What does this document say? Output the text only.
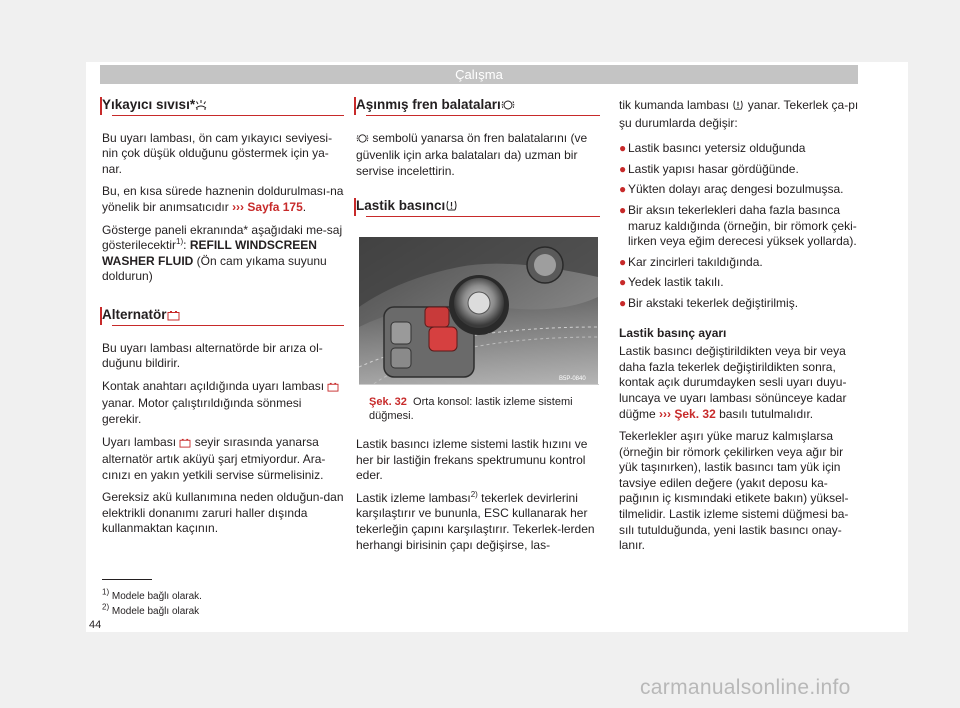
Çalışma
Yıkayıcı sıvısı*

Bu uyarı lambası, ön cam yıkayıcı seviyesi-nin çok düşük olduğunu göstermek için ya-nar.

Bu, en kısa sürede haznenin doldurulması-na yönelik bir anımsatıcıdır ››› Sayfa 175.

Gösterge paneli ekranında* aşağıdaki me-saj gösterilecektir$^{1)}$: REFILL WINDSCREEN WASHER FLUID (Ön cam yıkama suyunu doldurun)

Alternatör

Bu uyarı lambası alternatörde bir arıza ol-duğunu bildirir.

Kontak anahtarı açıldığında uyarı lambası  yanar. Motor çalıştırıldığında sönmesi gerekir.

Uyarı lambası  seyir sırasında yanarsa alternatör artık aküyü şarj etmiyordur. Ara-cınızı en yakın yetkili servise sürmelisiniz.

Gereksiz akü kullanımına neden olduğun-dan elektrikli donanımı zaruri haller dışında kullanmaktan kaçının.

Aşınmış fren balataları

sembolü yanarsa ön fren balatalarını (ve güvenlik için arka balataları da) uzman bir servise incelettirin.

Lastik basıncı
B5P-0840
Şek. 32 Orta konsol: lastik izleme sistemi düğmesi.

Lastik basıncı izleme sistemi lastik hızını ve her bir lastiğin frekans spektrumunu kontrol eder.

Lastik izleme lambası$^{2)}$ tekerlek devirlerini karşılaştırır ve bununla, ESC kullanarak her tekerleğin çapını karşılaştırır. Tekerlek-lerden herhangi birisinin çapı değişirse, las-

tik kumanda lambası  yanar. Tekerlek ça-pı şu durumlarda değişir:

● Lastik basıncı yetersiz olduğunda
● Lastik yapısı hasar gördüğünde.
● Yükten dolayı araç dengesi bozulmuşsa.
● Bir aksın tekerlekleri daha fazla basınca maruz kaldığında (örneğin, bir römork çeki-lirken veya eğim derecesi yüksek yollarda).
● Kar zincirleri takıldığında.
● Yedek lastik takılı.
● Bir akstaki tekerlek değiştirilmiş.

Lastik basınç ayarı

Lastik basıncı değiştirildikten veya bir veya daha fazla tekerlek değiştirildikten sonra, kontak açık durumdayken sesli uyarı duyu-luncaya ve uyarı lambası sönünceye kadar düğme ››› Şek. 32 basılı tutulmalıdır.

Tekerlekler aşırı yüke maruz kalmışlarsa (örneğin bir römork çekilirken veya ağır bir yük taşınırken), lastik basıncı tam yük için tavsiye edilen değere (yakıt deposu ka-pağının iç kısmındaki etikete bakın) yüksel-tilmelidir. Lastik izleme sistemi düğmesi ba-sılı tutulduğunda, yeni lastik basıncı onay-lanır.

$^{1)}$ Modele bağlı olarak.
$^{2)}$ Modele bağlı olarak
44
carmanualsonline.info
